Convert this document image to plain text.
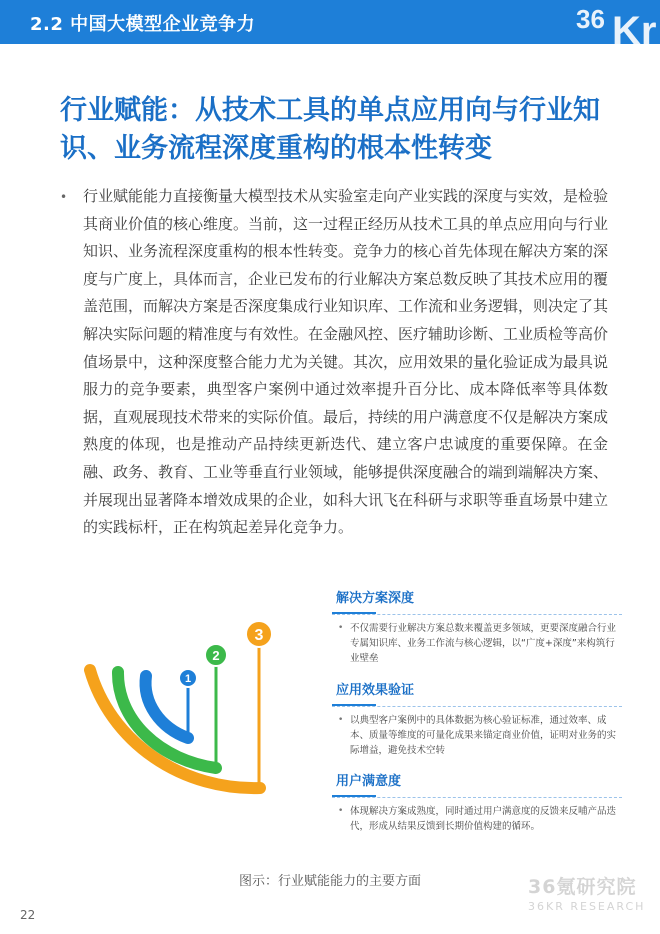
2.2 中国大模型企业竞争力	36 Kr
行业赋能：从技术工具的单点应用向与行业知识、业务流程深度重构的根本性转变
• 行业赋能能力直接衡量大模型技术从实验室走向产业实践的深度与实效，是检验其商业价值的核心维度。当前，这一过程正经历从技术工具的单点应用向与行业知识、业务流程深度重构的根本性转变。竞争力的核心首先体现在解决方案的深度与广度上，具体而言，企业已发布的行业解决方案总数反映了其技术应用的覆盖范围，而解决方案是否深度集成行业知识库、工作流和业务逻辑，则决定了其解决实际问题的精准度与有效性。在金融风控、医疗辅助诊断、工业质检等高价值场景中，这种深度整合能力尤为关键。其次，应用效果的量化验证成为最具说服力的竞争要素，典型客户案例中通过效率提升百分比、成本降低率等具体数据，直观展现技术带来的实际价值。最后，持续的用户满意度不仅是解决方案成熟度的体现，也是推动产品持续更新迭代、建立客户忠诚度的重要保障。在金融、政务、教育、工业等垂直行业领域，能够提供深度融合的端到端解决方案、并展现出显著降本增效成果的企业，如科大讯飞在科研与求职等垂直场景中建立的实践标杆，正在构筑起差异化竞争力。
1
2
3
解决方案深度
• 不仅需要行业解决方案总数来覆盖更多领域，更要深度融合行业专属知识库、业务工作流与核心逻辑，以“广度+深度”来构筑行业壁垒
应用效果验证
• 以典型客户案例中的具体数据为核心验证标准，通过效率、成本、质量等维度的可量化成果来锚定商业价值，证明对业务的实际增益，避免技术空转
用户满意度
• 体现解决方案成熟度，同时通过用户满意度的反馈来反哺产品迭代，形成从结果反馈到长期价值构建的循环。
图示：行业赋能能力的主要方面
22
36氪研究院
36KR RESEARCH
